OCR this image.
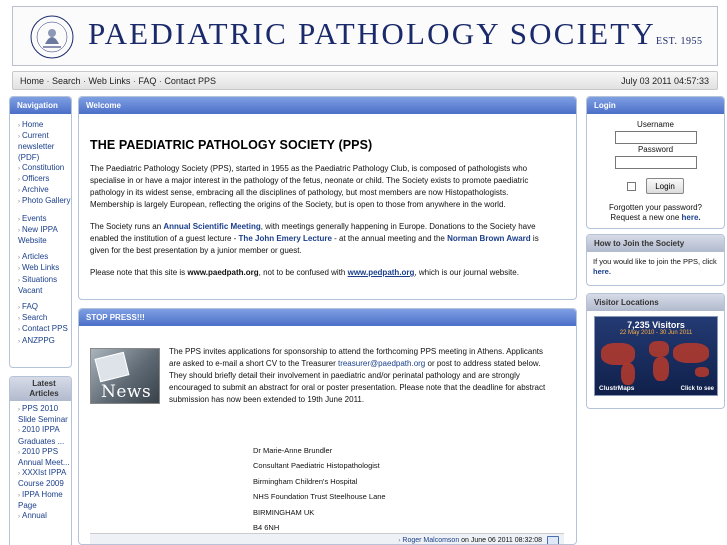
PAEDIATRIC PATHOLOGY SOCIETYEST. 1955
Home · Search · Web Links · FAQ · Contact PPS	July 03 2011 04:57:33
Navigation
› Home
› Current newsletter (PDF)
› Constitution
› Officers
› Archive
› Photo Gallery
› Events
› New IPPA Website
› Articles
› Web Links
› Situations Vacant
› FAQ
› Search
› Contact PPS
› ANZPPG
Latest Articles
› PPS 2010 Slide Seminar
› 2010 IPPA Graduates ...
› 2010 PPS Annual Meet...
› XXXIst IPPA Course 2009
› IPPA Home Page
› Annual
Welcome
THE PAEDIATRIC PATHOLOGY SOCIETY (PPS)

The Paediatric Pathology Society (PPS), started in 1955 as the Paediatric Pathology Club, is composed of pathologists who specialise in or have a major interest in the pathology of the fetus, neonate or child. The Society exists to promote paediatric pathology in its widest sense, embracing all the disciplines of pathology, but most members are now Histopathologists. Membership is largely European, reflecting the origins of the Society, but is open to those from anywhere in the world.

The Society runs an Annual Scientific Meeting, with meetings generally happening in Europe. Donations to the Society have enabled the institution of a guest lecture - The John Emery Lecture - at the annual meeting and the Norman Brown Award is given for the best presentation by a junior member or guest.

Please note that this site is www.paedpath.org, not to be confused with www.pedpath.org, which is our journal website.

STOP PRESS!!!
News
The PPS invites applications for sponsorship to attend the forthcoming PPS meeting in Athens. Applicants are asked to e-mail a short CV to the Treasurer treasurer@paedpath.org or post to address stated below. They should briefly detail their involvement in paediatric and/or perinatal pathology and are strongly encouraged to submit an abstract for oral or poster presentation. Please note that the deadline for abstract submission has now been extended to 19th June 2011.
Dr Marie-Anne Brundler
Consultant Paediatric Histopathologist
Birmingham Children's Hospital
NHS Foundation Trust Steelhouse Lane
BIRMINGHAM UK
B4 6NH
› Roger Malcomson on June 06 2011 08:32:08
Login
Username
Password
Login
Forgotten your password?
Request a new one here.
How to Join the Society
If you would like to join the PPS, click here.
Visitor Locations
7,235 Visitors
22 May 2010 - 30 Jun 2011
ClustrMaps	Click to see
